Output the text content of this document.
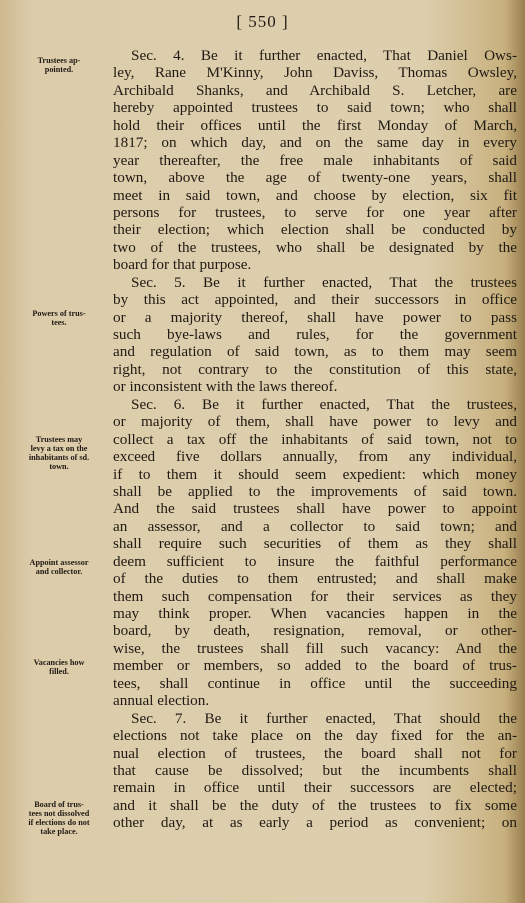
[ 550 ]
Trustees ap-
pointed.
Powers of trus-
tees.
Trustees may
levy a tax on the
inhabitants of sd.
town.
Appoint assessor
and collector.
Vacancies how
filled.
Board of trus-
tees not dissolved
if elections do not
take place.
Sec. 4. Be it further enacted, That Daniel Ows-
ley, Rane M'Kinny, John Daviss, Thomas Owsley,
Archibald Shanks, and Archibald S. Letcher, are
hereby appointed trustees to said town; who shall
hold their offices until the first Monday of March,
1817; on which day, and on the same day in every
year thereafter, the free male inhabitants of said
town, above the age of twenty-one years, shall
meet in said town, and choose by election, six fit
persons for trustees, to serve for one year after
their election; which election shall be conducted by
two of the trustees, who shall be designated by the
board for that purpose.
Sec. 5. Be it further enacted, That the trustees
by this act appointed, and their successors in office
or a majority thereof, shall have power to pass
such bye-laws and rules, for the government
and regulation of said town, as to them may seem
right, not contrary to the constitution of this state,
or inconsistent with the laws thereof.
Sec. 6. Be it further enacted, That the trustees,
or majority of them, shall have power to levy and
collect a tax off the inhabitants of said town, not to
exceed five dollars annually, from any individual,
if to them it should seem expedient: which money
shall be applied to the improvements of said town.
And the said trustees shall have power to appoint
an assessor, and a collector to said town; and
shall require such securities of them as they shall
deem sufficient to insure the faithful performance
of the duties to them entrusted; and shall make
them such compensation for their services as they
may think proper. When vacancies happen in the
board, by death, resignation, removal, or other-
wise, the trustees shall fill such vacancy: And the
member or members, so added to the board of trus-
tees, shall continue in office until the succeeding
annual election.
Sec. 7. Be it further enacted, That should the
elections not take place on the day fixed for the an-
nual election of trustees, the board shall not for
that cause be dissolved; but the incumbents shall
remain in office until their successors are elected;
and it shall be the duty of the trustees to fix some
other day, at as early a period as convenient; on
